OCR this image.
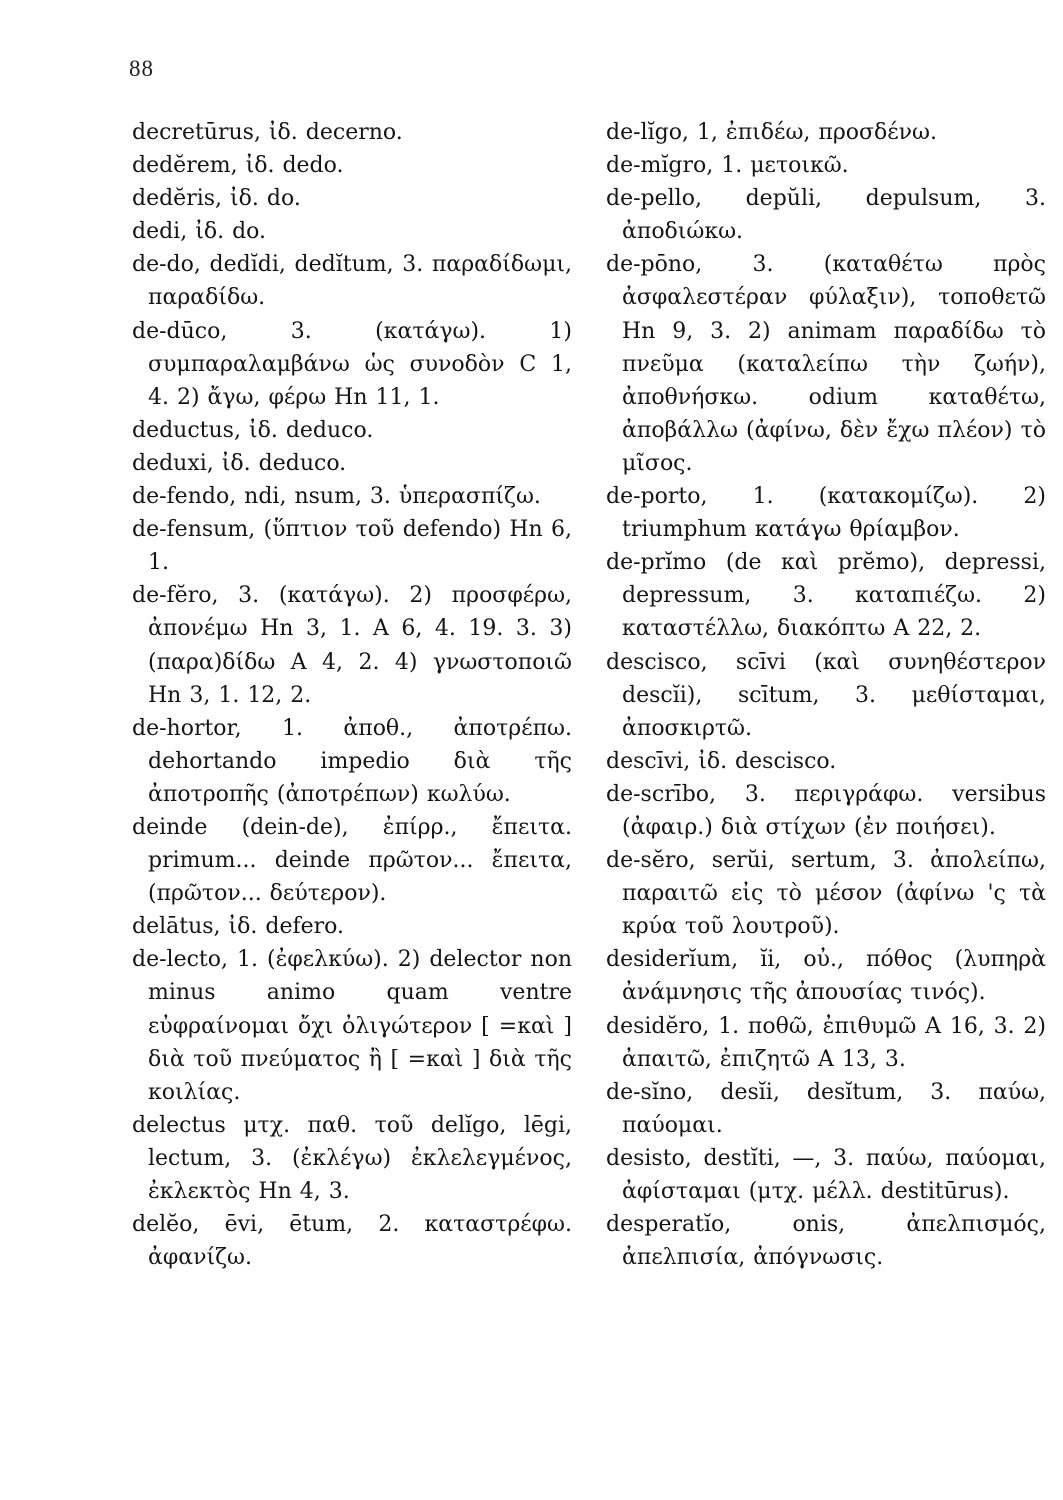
88

decretūrus, ἰδ. decerno.

dedĕrem, ἰδ. dedo.

dedĕris, ἰδ. do.

dedi, ἰδ. do.

de-do, dedĭdi, dedĭtum, 3. παραδίδωμι, παραδίδω.

de-dūco, 3. (κατάγω). 1) συμπαραλαμβάνω ὡς συνοδὸν C 1, 4. 2) ἄγω, φέρω Hn 11, 1.

deductus, ἰδ. deduco.

deduxi, ἰδ. deduco.

de-fendo, ndi, nsum, 3. ὑπερασπίζω.

de-fensum, (ὕπτιον τοῦ defendo) Hn 6, 1.

de-fĕro, 3. (κατάγω). 2) προσφέρω, ἀπονέμω Hn 3, 1. A 6, 4. 19. 3. 3) (παρα)δίδω A 4, 2. 4) γνωστοποιῶ Hn 3, 1. 12, 2.

de-hortor, 1. ἀποθ., ἀποτρέπω. dehortando impedio διὰ τῆς ἀποτροπῆς (ἀποτρέπων) κωλύω.

deinde (dein-de), ἐπίρρ., ἔπειτα. primum... deinde πρῶτον... ἔπειτα, (πρῶτον... δεύτερον).

delātus, ἰδ. defero.

de-lecto, 1. (ἐφελκύω). 2) delector non minus animo quam ventre εὐφραίνομαι ὄχι ὀλιγώτερον [ =καὶ ] διὰ τοῦ πνεύματος ἢ [ =καὶ ] διὰ τῆς κοιλίας.

delectus μτχ. παθ. τοῦ delĭgo, lēgi, lectum, 3. (ἐκλέγω) ἐκλελεγμένος, ἐκλεκτὸς Hn 4, 3.

delĕo, ēvi, ētum, 2. καταστρέφω. ἀφανίζω.

de-lĭgo, 1, ἐπιδέω, προσδένω.

de-mĭgro, 1. μετοικῶ.

de-pello, depŭli, depulsum, 3. ἀποδιώκω.

de-pōno, 3. (καταθέτω πρὸς ἀσφαλεστέραν φύλαξιν), τοποθετῶ Hn 9, 3. 2) animam παραδίδω τὸ πνεῦμα (καταλείπω τὴν ζωήν), ἀποθνήσκω. odium καταθέτω, ἀποβάλλω (ἀφίνω, δὲν ἔχω πλέον) τὸ μῖσος.

de-porto, 1. (κατακομίζω). 2) triumphum κατάγω θρίαμβον.

de-prĭmo (de καὶ prĕmo), depressi, depressum, 3. καταπιέζω. 2) καταστέλλω, διακόπτω A 22, 2.

descisco, scīvi (καὶ συνηθέστερον descĭi), scītum, 3. μεθίσταμαι, ἀποσκιρτῶ.

descīvi, ἰδ. descisco.

de-scrībo, 3. περιγράφω. versibus (ἀφαιρ.) διὰ στίχων (ἐν ποιήσει).

de-sĕro, serŭi, sertum, 3. ἀπολείπω, παραιτῶ εἰς τὸ μέσον (ἀφίνω 'ς τὰ κρύα τοῦ λουτροῦ).

desiderĭum, ĭi, οὐ., πόθος (λυπηρὰ ἀνάμνησις τῆς ἀπουσίας τινός).

desidĕro, 1. ποθῶ, ἐπιθυμῶ A 16, 3. 2) ἀπαιτῶ, ἐπιζητῶ A 13, 3.

de-sĭno, desĭi, desĭtum, 3. παύω, παύομαι.

desisto, destĭti, —, 3. παύω, παύομαι, ἀφίσταμαι (μτχ. μέλλ. destitūrus).

desperatĭo, onis, ἀπελπισμός, ἀπελπισία, ἀπόγνωσις.
